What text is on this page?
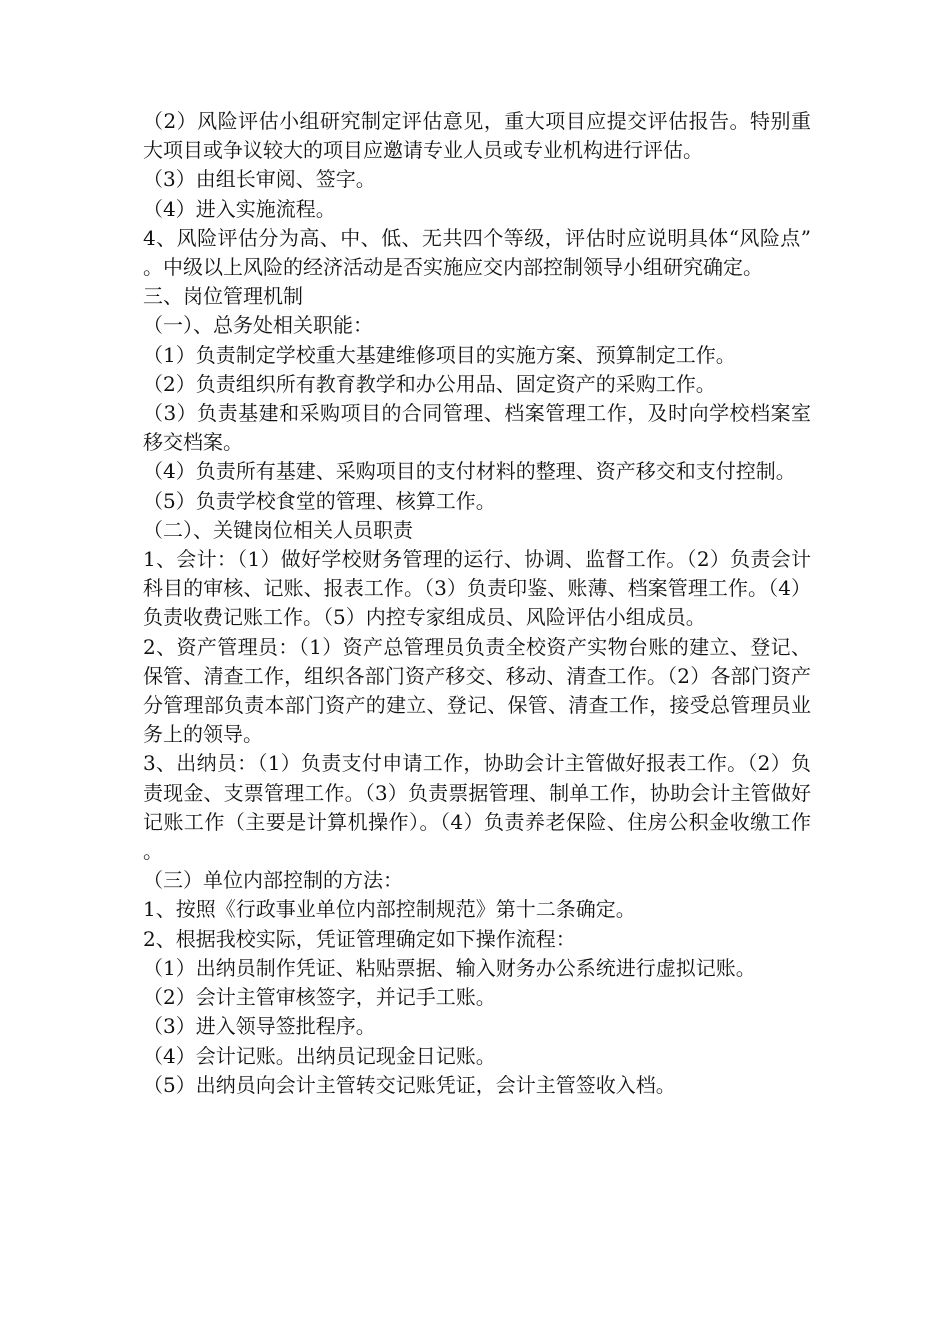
（2）风险评估小组研究制定评估意见，重大项目应提交评估报告。特别重大项目或争议较大的项目应邀请专业人员或专业机构进行评估。

（3）由组长审阅、签字。

（4）进入实施流程。

4、风险评估分为高、中、低、无共四个等级，评估时应说明具体“风险点”。中级以上风险的经济活动是否实施应交内部控制领导小组研究确定。

三、岗位管理机制

（一）、总务处相关职能：

（1）负责制定学校重大基建维修项目的实施方案、预算制定工作。

（2）负责组织所有教育教学和办公用品、固定资产的采购工作。

（3）负责基建和采购项目的合同管理、档案管理工作，及时向学校档案室移交档案。

（4）负责所有基建、采购项目的支付材料的整理、资产移交和支付控制。

（5）负责学校食堂的管理、核算工作。

（二）、关键岗位相关人员职责

1、会计：（1）做好学校财务管理的运行、协调、监督工作。（2）负责会计科目的审核、记账、报表工作。（3）负责印鉴、账薄、档案管理工作。（4）负责收费记账工作。（5）内控专家组成员、风险评估小组成员。

2、资产管理员：（1）资产总管理员负责全校资产实物台账的建立、登记、保管、清查工作，组织各部门资产移交、移动、清查工作。（2）各部门资产分管理部负责本部门资产的建立、登记、保管、清查工作，接受总管理员业务上的领导。

3、出纳员：（1）负责支付申请工作，协助会计主管做好报表工作。（2）负责现金、支票管理工作。（3）负责票据管理、制单工作，协助会计主管做好记账工作（主要是计算机操作）。（4）负责养老保险、住房公积金收缴工作。

（三）单位内部控制的方法：

1、按照《行政事业单位内部控制规范》第十二条确定。

2、根据我校实际，凭证管理确定如下操作流程：

（1）出纳员制作凭证、粘贴票据、输入财务办公系统进行虚拟记账。

（2）会计主管审核签字，并记手工账。

（3）进入领导签批程序。

（4）会计记账。出纳员记现金日记账。

（5）出纳员向会计主管转交记账凭证，会计主管签收入档。
